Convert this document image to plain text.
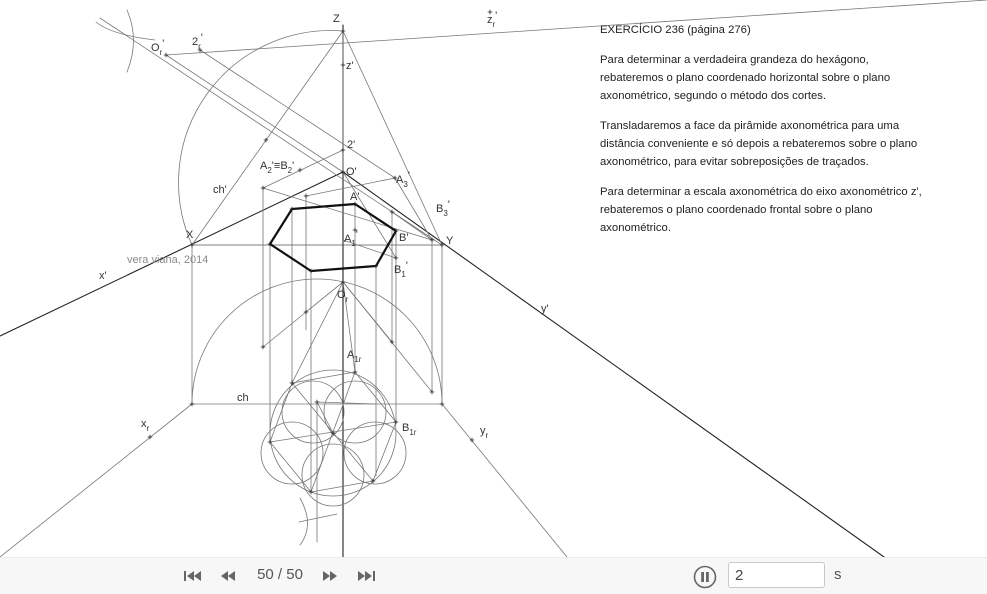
Z
z'
$z_r'$
$O_r'$	$2_r'$
2'
O'
$A_2'\equiv B_2'$
ch'
A'
$A_3'$
$B_3'$
$A_1'$	B'
$B_1'$
X	Y
x'
y'
vera viana, 2014
$O_r$
$A_{1r}$
$B_{1r}$
ch
$x_r$	$y_r$
EXERCÍCIO 236 (página 276)

Para determinar a verdadeira grandeza do hexágono, rebateremos o plano coordenado horizontal sobre o plano axonométrico, segundo o método dos cortes.

Transladaremos a face da pirâmide axonométrica para uma distância conveniente e só depois a rebateremos sobre o plano axonométrico, para evitar sobreposições de traçados.

Para determinar a escala axonométrica do eixo axonométrico z', rebateremos o plano coordenado frontal sobre o plano axonométrico.

50 / 50
2	s
